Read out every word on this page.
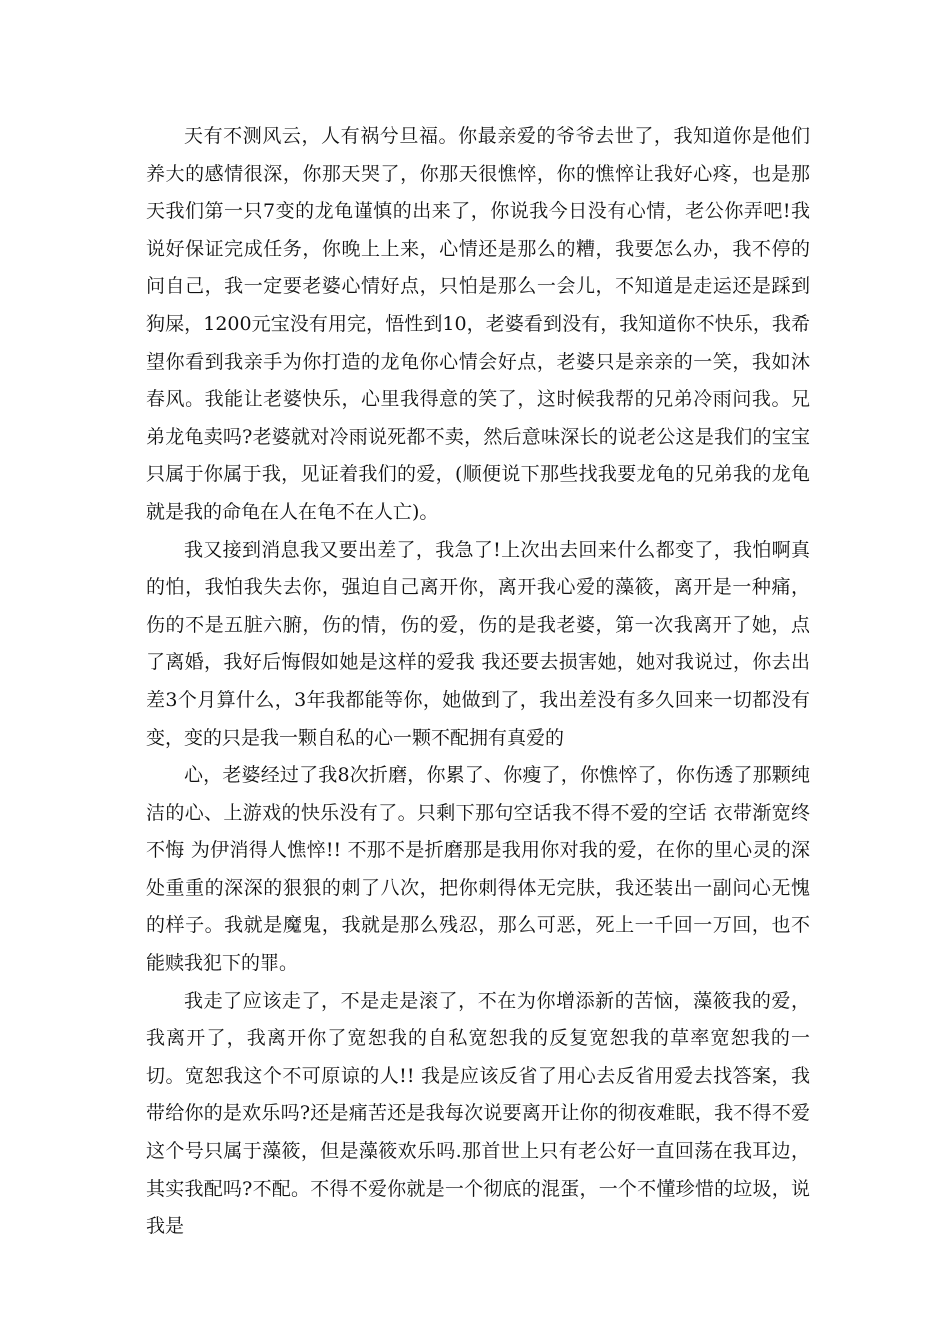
天有不测风云，人有祸兮旦福。你最亲爱的爷爷去世了，我知道你是他们养大的感情很深，你那天哭了，你那天很憔悴，你的憔悴让我好心疼，也是那天我们第一只7变的龙龟谨慎的出来了，你说我今日没有心情，老公你弄吧!我说好保证完成任务，你晚上上来，心情还是那么的糟，我要怎么办，我不停的问自己，我一定要老婆心情好点，只怕是那么一会儿，不知道是走运还是踩到狗屎，1200元宝没有用完，悟性到10，老婆看到没有，我知道你不快乐，我希望你看到我亲手为你打造的龙龟你心情会好点，老婆只是亲亲的一笑，我如沐春风。我能让老婆快乐，心里我得意的笑了，这时候我帮的兄弟冷雨问我。兄弟龙龟卖吗?老婆就对冷雨说死都不卖，然后意味深长的说老公这是我们的宝宝只属于你属于我，见证着我们的爱，(顺便说下那些找我要龙龟的兄弟我的龙龟就是我的命龟在人在龟不在人亡)。

我又接到消息我又要出差了，我急了!上次出去回来什么都变了，我怕啊真的怕，我怕我失去你，强迫自己离开你，离开我心爱的藻筱，离开是一种痛，伤的不是五脏六腑，伤的情，伤的爱，伤的是我老婆，第一次我离开了她，点了离婚，我好后悔假如她是这样的爱我 我还要去损害她，她对我说过，你去出差3个月算什么，3年我都能等你，她做到了，我出差没有多久回来一切都没有变，变的只是我一颗自私的心一颗不配拥有真爱的

心，老婆经过了我8次折磨，你累了、你瘦了，你憔悴了，你伤透了那颗纯洁的心、上游戏的快乐没有了。只剩下那句空话我不得不爱的空话 衣带渐宽终不悔 为伊消得人憔悴!! 不那不是折磨那是我用你对我的爱，在你的里心灵的深处重重的深深的狠狠的刺了八次，把你刺得体无完肤，我还装出一副问心无愧的样子。我就是魔鬼，我就是那么残忍，那么可恶，死上一千回一万回，也不能赎我犯下的罪。

我走了应该走了，不是走是滚了，不在为你增添新的苦恼，藻筱我的爱，我离开了，我离开你了宽恕我的自私宽恕我的反复宽恕我的草率宽恕我的一切。宽恕我这个不可原谅的人!! 我是应该反省了用心去反省用爱去找答案，我带给你的是欢乐吗?还是痛苦还是我每次说要离开让你的彻夜难眠，我不得不爱这个号只属于藻筱，但是藻筱欢乐吗.那首世上只有老公好一直回荡在我耳边，其实我配吗?不配。不得不爱你就是一个彻底的混蛋，一个不懂珍惜的垃圾，说我是
